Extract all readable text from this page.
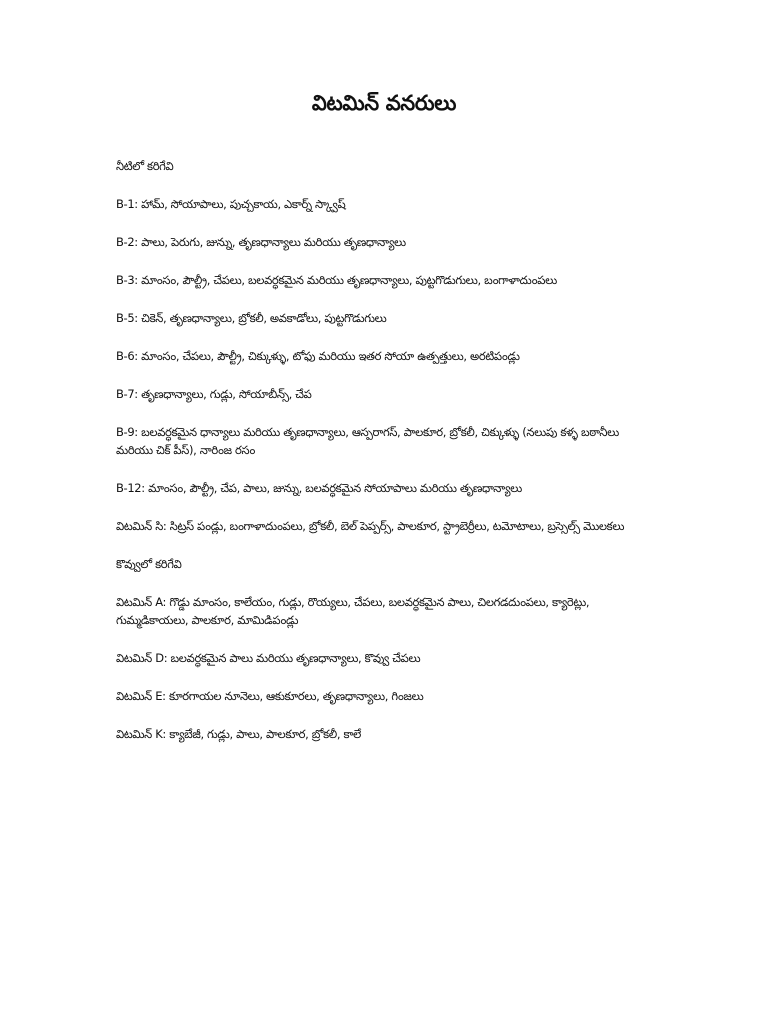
విటమిన్ వనరులు

నీటిలో కరిగేవి

B-1: హామ్, సోయాపాలు, పుచ్చకాయ, ఎకార్న్ స్క్వాష్

B-2: పాలు, పెరుగు, జున్ను, తృణధాన్యాలు మరియు తృణధాన్యాలు

B-3: మాంసం, పౌల్ట్రీ, చేపలు, బలవర్ధకమైన మరియు తృణధాన్యాలు, పుట్టగొడుగులు, బంగాళాదుంపలు

B-5: చికెన్, తృణధాన్యాలు, బ్రోకలీ, అవకాడోలు, పుట్టగొడుగులు

B-6: మాంసం, చేపలు, పౌల్ట్రీ, చిక్కుళ్ళు, టోఫు మరియు ఇతర సోయా ఉత్పత్తులు, అరటిపండ్లు

B-7: తృణధాన్యాలు, గుడ్లు, సోయాబీన్స్, చేప

B-9: బలవర్ధకమైన ధాన్యాలు మరియు తృణధాన్యాలు, ఆస్పరాగస్, పాలకూర, బ్రోకలీ, చిక్కుళ్ళు (నలుపు కళ్ళ బఠానీలు మరియు చిక్ పీస్), నారింజ రసం

B-12: మాంసం, పౌల్ట్రీ, చేప, పాలు, జున్ను, బలవర్ధకమైన సోయాపాలు మరియు తృణధాన్యాలు

విటమిన్ సి: సిట్రస్ పండ్లు, బంగాళాదుంపలు, బ్రోకలీ, బెల్ పెప్పర్స్, పాలకూర, స్ట్రాబెర్రీలు, టమోటాలు, బ్రస్సెల్స్ మొలకలు

కొవ్వులో కరిగేవి

విటమిన్ A: గొడ్డు మాంసం, కాలేయం, గుడ్లు, రొయ్యలు, చేపలు, బలవర్ధకమైన పాలు, చిలగడదుంపలు, క్యారెట్లు, గుమ్మడికాయలు, పాలకూర, మామిడిపండ్లు

విటమిన్ D: బలవర్ధకమైన పాలు మరియు తృణధాన్యాలు, కొవ్వు చేపలు

విటమిన్ E: కూరగాయల నూనెలు, ఆకుకూరలు, తృణధాన్యాలు, గింజలు

విటమిన్ K: క్యాబేజీ, గుడ్లు, పాలు, పాలకూర, బ్రోకలీ, కాలే
